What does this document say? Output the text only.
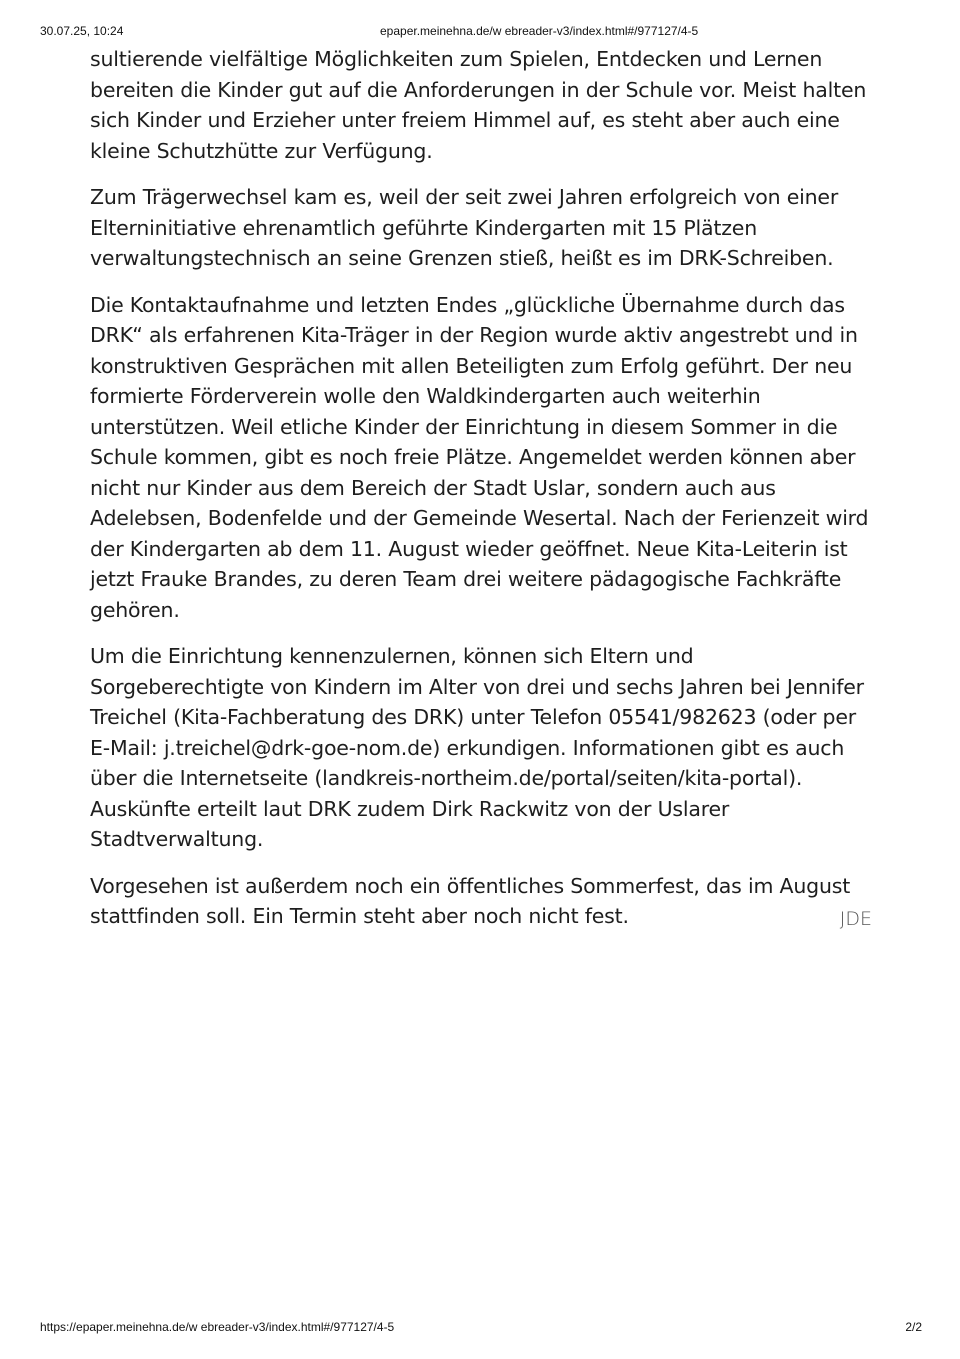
30.07.25, 10:24	epaper.meinehna.de/w ebreader-v3/index.html#/977127/4-5

sultierende vielfältige Möglichkeiten zum Spielen, Entdecken und Lernen bereiten die Kinder gut auf die Anforderungen in der Schule vor. Meist halten sich Kinder und Erzieher unter freiem Himmel auf, es steht aber auch eine kleine Schutzhütte zur Verfügung.

Zum Trägerwechsel kam es, weil der seit zwei Jahren erfolgreich von einer Elterninitiative ehrenamtlich geführte Kindergarten mit 15 Plätzen verwaltungstechnisch an seine Grenzen stieß, heißt es im DRK-Schreiben.

Die Kontaktaufnahme und letzten Endes „glückliche Übernahme durch das DRK“ als erfahrenen Kita-Träger in der Region wurde aktiv angestrebt und in konstruktiven Gesprächen mit allen Beteiligten zum Erfolg geführt. Der neu formierte Förderverein wolle den Waldkindergarten auch weiterhin unterstützen. Weil etliche Kinder der Einrichtung in diesem Sommer in die Schule kommen, gibt es noch freie Plätze. Angemeldet werden können aber nicht nur Kinder aus dem Bereich der Stadt Uslar, sondern auch aus Adelebsen, Bodenfelde und der Gemeinde Wesertal. Nach der Ferienzeit wird der Kindergarten ab dem 11. August wieder geöffnet. Neue Kita-Leiterin ist jetzt Frauke Brandes, zu deren Team drei weitere pädagogische Fachkräfte gehören.

Um die Einrichtung kennenzulernen, können sich Eltern und Sorgeberechtigte von Kindern im Alter von drei und sechs Jahren bei Jennifer Treichel (Kita-Fachberatung des DRK) unter Telefon 05541/982623 (oder per E-Mail: j.treichel@drk-goe-nom.de) erkundigen. Informationen gibt es auch über die Internetseite (landkreis-northeim.de/portal/seiten/kita-portal). Auskünfte erteilt laut DRK zudem Dirk Rackwitz von der Uslarer Stadtverwaltung.

Vorgesehen ist außerdem noch ein öffentliches Sommerfest, das im August stattfinden soll. Ein Termin steht aber noch nicht fest.	JDE
https://epaper.meinehna.de/w ebreader-v3/index.html#/977127/4-5	2/2
